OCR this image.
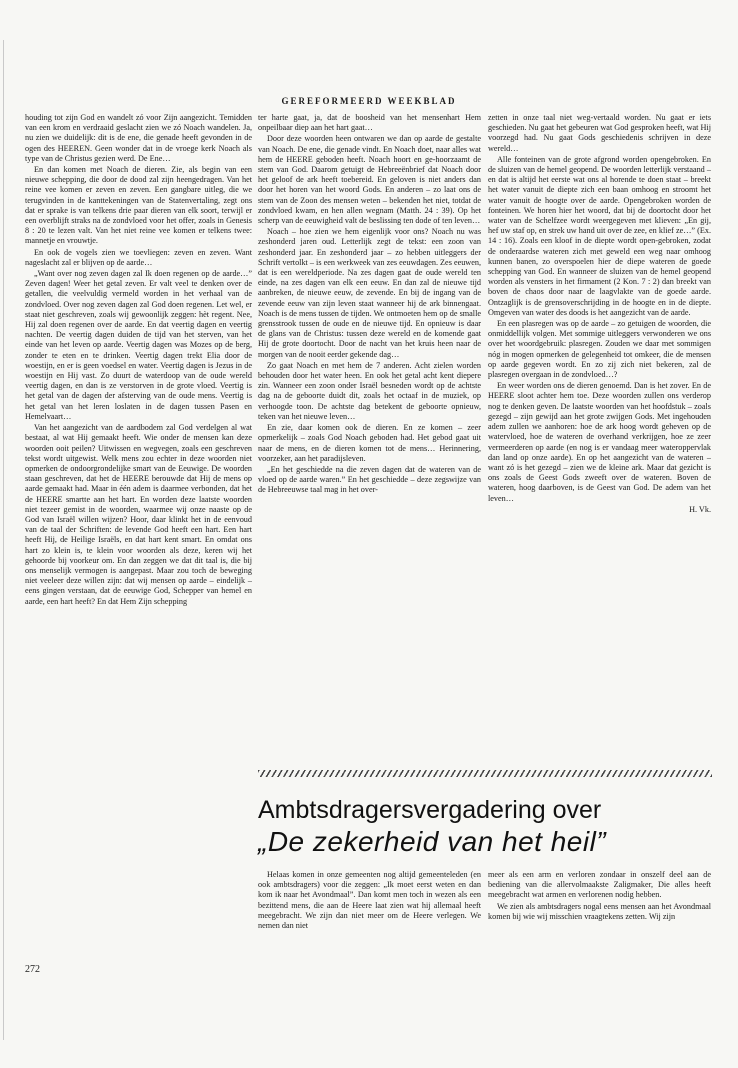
GEREFORMEERD WEEKBLAD

houding tot zijn God en wandelt zó voor Zijn aangezicht. Temidden van een krom en verdraaid geslacht zien we zó Noach wandelen. Ja, nu zien we duidelijk: dit is de ene, die genade heeft gevonden in de ogen des HEEREN. Geen wonder dat in de vroege kerk Noach als type van de Christus gezien werd. De Ene…

En dan komen met Noach de dieren. Zie, als begin van een nieuwe schepping, die door de dood zal zijn heengedragen. Van het reine vee komen er zeven en zeven. Een gangbare uitleg, die we terugvinden in de kanttekeningen van de Statenvertaling, zegt ons dat er sprake is van telkens drie paar dieren van elk soort, terwijl er een overblijft straks na de zondvloed voor het offer, zoals in Genesis 8 : 20 te lezen valt. Van het niet reine vee komen er telkens twee: mannetje en vrouwtje.

En ook de vogels zien we toevliegen: zeven en zeven. Want nageslacht zal er blijven op de aarde…

„Want over nog zeven dagen zal Ik doen regenen op de aarde…” Zeven dagen! Weer het getal zeven. Er valt veel te denken over de getallen, die veelvuldig vermeld worden in het verhaal van de zondvloed. Over nog zeven dagen zal God doen regenen. Let wel, er staat niet geschreven, zoals wij gewoonlijk zeggen: hèt regent. Nee, Hij zal doen regenen over de aarde. En dat veertig dagen en veertig nachten. De veertig dagen duiden de tijd van het sterven, van het einde van het leven op aarde. Veertig dagen was Mozes op de berg, zonder te eten en te drinken. Veertig dagen trekt Elia door de woestijn, en er is geen voedsel en water. Veertig dagen is Jezus in de woestijn en Hij vast. Zo duurt de waterdoop van de oude wereld veertig dagen, en dan is ze verstorven in de grote vloed. Veertig is het getal van de dagen der afsterving van de oude mens. Veertig is het getal van het leren loslaten in de dagen tussen Pasen en Hemelvaart…

Van het aangezicht van de aardbodem zal God verdelgen al wat bestaat, al wat Hij gemaakt heeft. Wie onder de mensen kan deze woorden ooit peilen? Uitwissen en wegvegen, zoals een geschreven tekst wordt uitgewist. Welk mens zou echter in deze woorden niet opmerken de ondoorgrondelijke smart van de Eeuwige. De woorden staan geschreven, dat het de HEERE berouwde dat Hij de mens op aarde gemaakt had. Maar in één adem is daarmee verbonden, dat het de HEERE smartte aan het hart. En worden deze laatste woorden niet tezeer gemist in de woorden, waarmee wij onze naaste op de God van Israël willen wijzen? Hoor, daar klinkt het in de eenvoud van de taal der Schriften: de levende God heeft een hart. Een hart heeft Hij, de Heilige Israëls, en dat hart kent smart. En omdat ons hart zo klein is, te klein voor woorden als deze, keren wij het gehoorde bij voorkeur om. En dan zeggen we dat dit taal is, die bij ons menselijk vermogen is aangepast. Maar zou toch de beweging niet veeleer deze willen zijn: dat wij mensen op aarde – eindelijk – eens gingen verstaan, dat de eeuwige God, Schepper van hemel en aarde, een hart heeft? En dat Hem Zijn schepping

ter harte gaat, ja, dat de boosheid van het mensenhart Hem onpeilbaar diep aan het hart gaat…

Door deze woorden heen ontwaren we dan op aarde de gestalte van Noach. De ene, die genade vindt. En Noach doet, naar alles wat hem de HEERE geboden heeft. Noach hoort en ge-hoorzaamt de stem van God. Daarom getuigt de Hebreeënbrief dat Noach door het geloof de ark heeft toebereid. En geloven is niet anders dan door het horen van het woord Gods. En anderen – zo laat ons de stem van de Zoon des mensen weten – bekenden het niet, totdat de zondvloed kwam, en hen allen wegnam (Matth. 24 : 39). Op het scherp van de eeuwigheid valt de beslissing ten dode of ten leven…

Noach – hoe zien we hem eigenlijk voor ons? Noach nu was zeshonderd jaren oud. Letterlijk zegt de tekst: een zoon van zeshonderd jaar. En zeshonderd jaar – zo hebben uitleggers der Schrift vertolkt – is een werkweek van zes eeuwdagen. Zes eeuwen, dat is een wereldperiode. Na zes dagen gaat de oude wereld ten einde, na zes dagen van elk een eeuw. En dan zal de nieuwe tijd aanbreken, de nieuwe eeuw, de zevende. En bij de ingang van de zevende eeuw van zijn leven staat wanneer hij de ark binnengaat. Noach is de mens tussen de tijden. We ontmoeten hem op de smalle grensstrook tussen de oude en de nieuwe tijd. En opnieuw is daar de glans van de Christus: tussen deze wereld en de komende gaat Hij de grote doortocht. Door de nacht van het kruis heen naar de morgen van de nooit eerder gekende dag…

Zo gaat Noach en met hem de 7 anderen. Acht zielen worden behouden door het water heen. En ook het getal acht kent diepere zin. Wanneer een zoon onder Israël besneden wordt op de achtste dag na de geboorte duidt dit, zoals het octaaf in de muziek, op verhoogde toon. De achtste dag betekent de geboorte opnieuw, teken van het nieuwe leven…

En zie, daar komen ook de dieren. En ze komen – zeer opmerkelijk – zoals God Noach geboden had. Het gebod gaat uit naar de mens, en de dieren komen tot de mens… Herinnering, voorzeker, aan het paradijsleven.

„En het geschiedde na die zeven dagen dat de wateren van de vloed op de aarde waren.” En het geschiedde – deze zegswijze van de Hebreeuwse taal mag in het over-

zetten in onze taal niet weg-vertaald worden. Nu gaat er iets geschieden. Nu gaat het gebeuren wat God gesproken heeft, wat Hij voorzegd had. Nu gaat Gods geschiedenis schrijven in deze wereld…

Alle fonteinen van de grote afgrond worden opengebroken. En de sluizen van de hemel geopend. De woorden letterlijk verstaand – en dat is altijd het eerste wat ons al horende te doen staat – breekt het water vanuit de diepte zich een baan omhoog en stroomt het water vanuit de hoogte over de aarde. Opengebroken worden de fonteinen. We horen hier het woord, dat bij de doortocht door het water van de Schelfzee wordt weergegeven met klieven: „En gij, hef uw staf op, en strek uw hand uit over de zee, en klief ze…” (Ex. 14 : 16). Zoals een kloof in de diepte wordt open-gebroken, zodat de onderaardse wateren zich met geweld een weg naar omhoog kunnen banen, zo overspoelen hier de diepe wateren de goede schepping van God. En wanneer de sluizen van de hemel geopend worden als vensters in het firmament (2 Kon. 7 : 2) dan breekt van boven de chaos door naar de laagvlakte van de goede aarde. Ontzaglijk is de grensoverschrijding in de hoogte en in de diepte. Omgeven van water des doods is het aangezicht van de aarde.

En een plasregen was op de aarde – zo getuigen de woorden, die onmiddellijk volgen. Met sommige uitleggers verwonderen we ons over het woordgebruik: plasregen. Zouden we daar met sommigen nóg in mogen opmerken de gelegenheid tot omkeer, die de mensen op aarde gegeven wordt. En zo zij zich niet bekeren, zal de plasregen overgaan in de zondvloed…?

En weer worden ons de dieren genoemd. Dan is het zover. En de HEERE sloot achter hem toe. Deze woorden zullen ons verderop nog te denken geven. De laatste woorden van het hoofdstuk – zoals gezegd – zijn gewijd aan het grote zwijgen Gods. Met ingehouden adem zullen we aanhoren: hoe de ark hoog wordt geheven op de watervloed, hoe de wateren de overhand verkrijgen, hoe ze zeer vermeerderen op aarde (en nog is er vandaag meer wateroppervlak dan land op onze aarde). En op het aangezicht van de wateren – want zó is het gezegd – zien we de kleine ark. Maar dat gezicht is ons zoals de Geest Gods zweeft over de wateren. Boven de wateren, hoog daarboven, is de Geest van God. De adem van het leven…

H. Vk.

Ambtsdragersvergadering over
„De zekerheid van het heil”

Helaas komen in onze gemeenten nog altijd gemeenteleden (en ook ambtsdragers) voor die zeggen: „Ik moet eerst weten en dan kom ik naar het Avondmaal”. Dan komt men toch in wezen als een bezittend mens, die aan de Heere laat zien wat hij allemaal heeft meegebracht. We zijn dan niet meer om de Heere verlegen. We nemen dan niet

meer als een arm en verloren zondaar in onszelf deel aan de bediening van die allervolmaakste Zaligmaker, Die alles heeft meegebracht wat armen en verlorenen nodig hebben.

We zien als ambtsdragers nogal eens mensen aan het Avondmaal komen bij wie wij misschien vraagtekens zetten. Wij zijn

272
